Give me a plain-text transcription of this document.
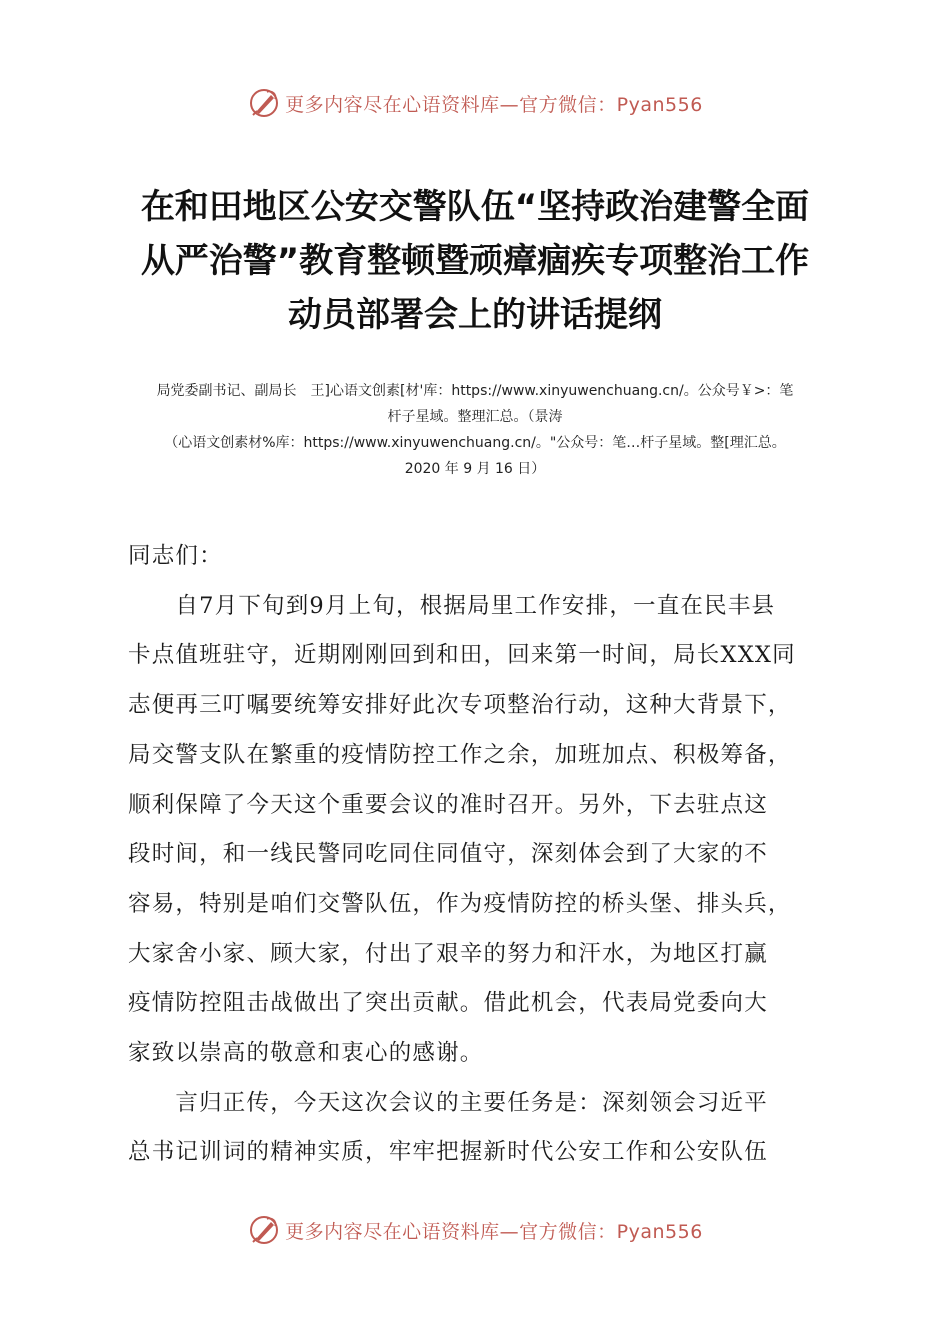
更多内容尽在心语资料库—官方微信：Pyan556
在和田地区公安交警队伍“坚持政治建警全面
从严治警”教育整顿暨顽瘴痼疾专项整治工作
动员部署会上的讲话提纲
局党委副书记、副局长　王]心语文创素[材'库：https://www.xinyuwenchuang.cn/。公众号￥>：笔
杆子星域。整理汇总。（景涛
（心语文创素材%库：https://www.xinyuwenchuang.cn/。"公众号：笔…杆子星域。整[理汇总。
2020 年 9 月 16 日）
同志们：
　　自7月下旬到9月上旬，根据局里工作安排，一直在民丰县
卡点值班驻守，近期刚刚回到和田，回来第一时间，局长XXX同
志便再三叮嘱要统筹安排好此次专项整治行动，这种大背景下，
局交警支队在繁重的疫情防控工作之余，加班加点、积极筹备，
顺利保障了今天这个重要会议的准时召开。另外，下去驻点这
段时间，和一线民警同吃同住同值守，深刻体会到了大家的不
容易，特别是咱们交警队伍，作为疫情防控的桥头堡、排头兵，
大家舍小家、顾大家，付出了艰辛的努力和汗水，为地区打赢
疫情防控阻击战做出了突出贡献。借此机会，代表局党委向大
家致以崇高的敬意和衷心的感谢。
　　言归正传，今天这次会议的主要任务是：深刻领会习近平
总书记训词的精神实质，牢牢把握新时代公安工作和公安队伍
更多内容尽在心语资料库—官方微信：Pyan556
